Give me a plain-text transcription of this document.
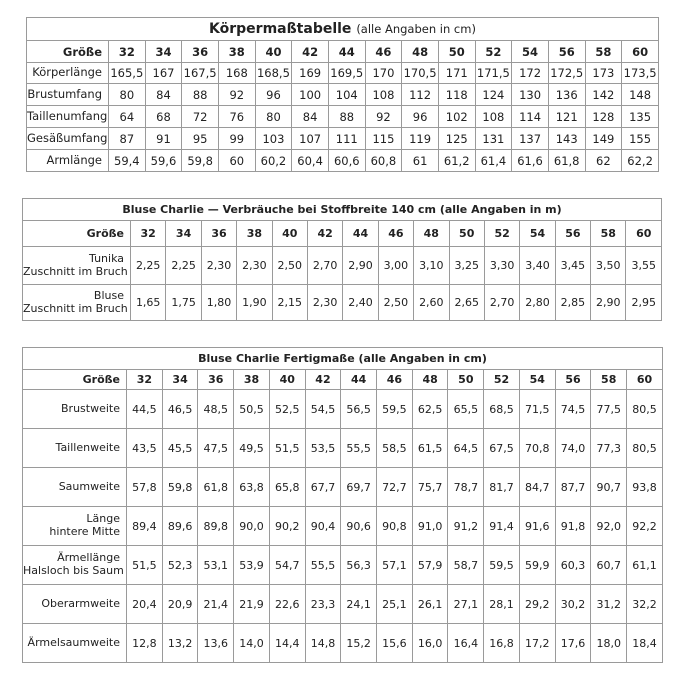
Körpermaßtabelle (alle Angaben in cm)															
Größe	32	34	36	38	40	42	44	46	48	50	52	54	56	58	60

Körperlänge	165,5	167	167,5	168	168,5	169	169,5	170	170,5	171	171,5	172	172,5	173	173,5

Brustumfang	80	84	88	92	96	100	104	108	112	118	124	130	136	142	148

Taillenumfang	64	68	72	76	80	84	88	92	96	102	108	114	121	128	135

Gesäßumfang	87	91	95	99	103	107	111	115	119	125	131	137	143	149	155

Armlänge	59,4	59,6	59,8	60	60,2	60,4	60,6	60,8	61	61,2	61,4	61,6	61,8	62	62,2
Bluse Charlie — Verbräuche bei Stoffbreite 140 cm (alle Angaben in m)															
Größe	32	34	36	38	40	42	44	46	48	50	52	54	56	58	60

Tunika
Zuschnitt im Bruch	2,25	2,25	2,30	2,30	2,50	2,70	2,90	3,00	3,10	3,25	3,30	3,40	3,45	3,50	3,55

Bluse
Zuschnitt im Bruch	1,65	1,75	1,80	1,90	2,15	2,30	2,40	2,50	2,60	2,65	2,70	2,80	2,85	2,90	2,95
Bluse Charlie Fertigmaße (alle Angaben in cm)															
Größe	32	34	36	38	40	42	44	46	48	50	52	54	56	58	60

Brustweite	44,5	46,5	48,5	50,5	52,5	54,5	56,5	59,5	62,5	65,5	68,5	71,5	74,5	77,5	80,5

Taillenweite	43,5	45,5	47,5	49,5	51,5	53,5	55,5	58,5	61,5	64,5	67,5	70,8	74,0	77,3	80,5

Saumweite	57,8	59,8	61,8	63,8	65,8	67,7	69,7	72,7	75,7	78,7	81,7	84,7	87,7	90,7	93,8

Länge
hintere Mitte	89,4	89,6	89,8	90,0	90,2	90,4	90,6	90,8	91,0	91,2	91,4	91,6	91,8	92,0	92,2

Ärmellänge
Halsloch bis Saum	51,5	52,3	53,1	53,9	54,7	55,5	56,3	57,1	57,9	58,7	59,5	59,9	60,3	60,7	61,1

Oberarmweite	20,4	20,9	21,4	21,9	22,6	23,3	24,1	25,1	26,1	27,1	28,1	29,2	30,2	31,2	32,2

Ärmelsaumweite	12,8	13,2	13,6	14,0	14,4	14,8	15,2	15,6	16,0	16,4	16,8	17,2	17,6	18,0	18,4
